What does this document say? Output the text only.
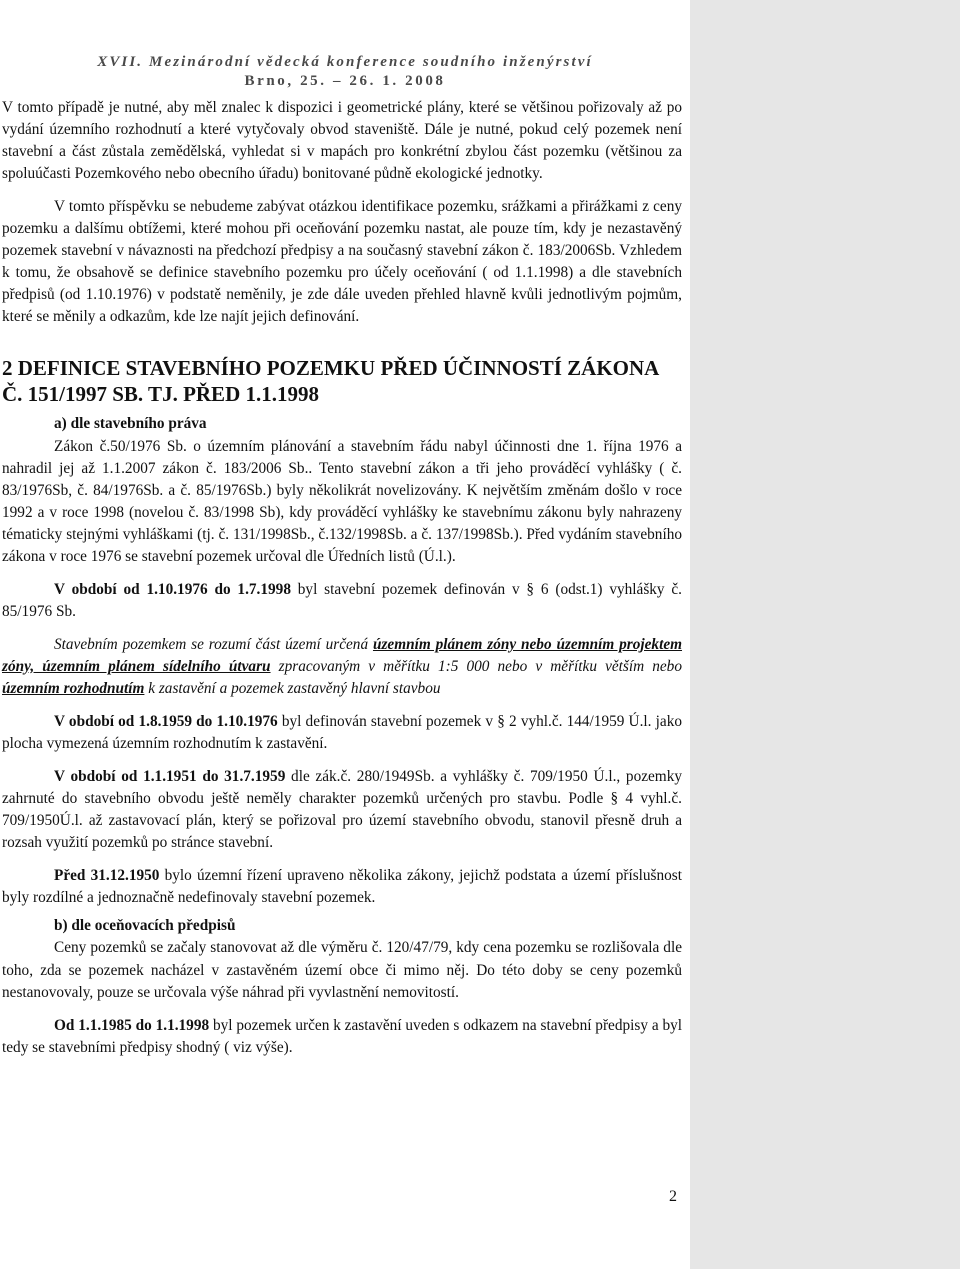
XVII. Mezinárodní vědecká konference soudního inženýrství
Brno, 25. – 26. 1. 2008

V tomto případě je nutné, aby měl znalec k dispozici i geometrické plány, které se většinou pořizovaly až po vydání územního rozhodnutí a které vytyčovaly obvod staveniště. Dále je nutné, pokud celý pozemek není stavební a část zůstala zemědělská, vyhledat si v mapách pro konkrétní zbylou část pozemku (většinou za spoluúčasti Pozemkového nebo obecního úřadu) bonitované půdně ekologické jednotky.

V tomto příspěvku se nebudeme zabývat otázkou identifikace pozemku, srážkami a přirážkami z ceny pozemku a dalšímu obtížemi, které mohou při oceňování pozemku nastat, ale pouze tím, kdy je nezastavěný pozemek stavební v návaznosti na předchozí předpisy a na současný stavební zákon č. 183/2006Sb. Vzhledem k tomu, že obsahově se definice stavebního pozemku pro účely oceňování ( od 1.1.1998) a dle stavebních předpisů (od 1.10.1976) v podstatě neměnily, je zde dále uveden přehled hlavně kvůli jednotlivým pojmům, které se měnily a odkazům, kde lze najít jejich definování.

2 DEFINICE STAVEBNÍHO POZEMKU PŘED ÚČINNOSTÍ ZÁKONA Č. 151/1997 SB. TJ. PŘED 1.1.1998

a) dle stavebního práva

Zákon č.50/1976 Sb. o územním plánování a stavebním řádu nabyl účinnosti dne 1. října 1976 a nahradil jej až 1.1.2007 zákon č. 183/2006 Sb.. Tento stavební zákon a tři jeho prováděcí vyhlášky ( č. 83/1976Sb, č. 84/1976Sb. a č. 85/1976Sb.) byly několikrát novelizovány. K největším změnám došlo v roce 1992 a v roce 1998 (novelou č. 83/1998 Sb), kdy prováděcí vyhlášky ke stavebnímu zákonu byly nahrazeny tématicky stejnými vyhláškami (tj. č. 131/1998Sb., č.132/1998Sb. a č. 137/1998Sb.). Před vydáním stavebního zákona v roce 1976 se stavební pozemek určoval dle Úředních listů (Ú.l.).

V období od 1.10.1976 do 1.7.1998 byl stavební pozemek definován v § 6 (odst.1) vyhlášky č. 85/1976 Sb.

Stavebním pozemkem se rozumí část území určená územním plánem zóny nebo územním projektem zóny, územním plánem sídelního útvaru zpracovaným v měřítku 1:5 000 nebo v měřítku větším nebo územním rozhodnutím k zastavění a pozemek zastavěný hlavní stavbou

V období od 1.8.1959 do 1.10.1976 byl definován stavební pozemek v § 2 vyhl.č. 144/1959 Ú.l. jako plocha vymezená územním rozhodnutím k zastavění.

V období od 1.1.1951 do 31.7.1959 dle zák.č. 280/1949Sb. a vyhlášky č. 709/1950 Ú.l., pozemky zahrnuté do stavebního obvodu ještě neměly charakter pozemků určených pro stavbu. Podle § 4 vyhl.č. 709/1950Ú.l. až zastavovací plán, který se pořizoval pro území stavebního obvodu, stanovil přesně druh a rozsah využití pozemků po stránce stavební.

Před 31.12.1950 bylo územní řízení upraveno několika zákony, jejichž podstata a území příslušnost byly rozdílné a jednoznačně nedefinovaly stavební pozemek.

b) dle oceňovacích předpisů

Ceny pozemků se začaly stanovovat až dle výměru č. 120/47/79, kdy cena pozemku se rozlišovala dle toho, zda se pozemek nacházel v zastavěném území obce či mimo něj. Do této doby se ceny pozemků nestanovovaly, pouze se určovala výše náhrad při vyvlastnění nemovitostí.

Od 1.1.1985 do 1.1.1998 byl pozemek určen k zastavění uveden s odkazem na stavební předpisy a byl tedy se stavebními předpisy shodný ( viz výše).

2
